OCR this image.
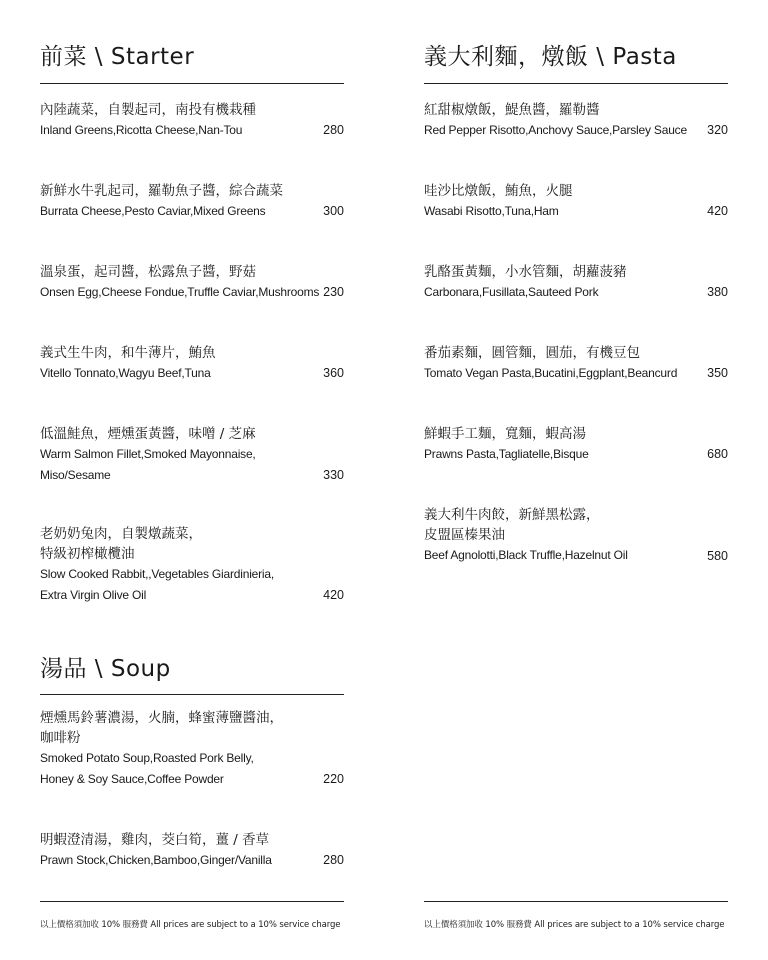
前菜 \ Starter
內陸蔬菜，自製起司，南投有機栽種
Inland Greens,Ricotta Cheese,Nan-Tou	280
新鮮水牛乳起司，羅勒魚子醬，綜合蔬菜
Burrata Cheese,Pesto Caviar,Mixed Greens	300
溫泉蛋，起司醬，松露魚子醬，野菇
Onsen Egg,Cheese Fondue,Truffle Caviar,Mushrooms 230
義式生牛肉，和牛薄片，鮪魚
Vitello Tonnato,Wagyu Beef,Tuna	360
低溫鮭魚，煙燻蛋黃醬，味噌 / 芝麻
Warm Salmon Fillet,Smoked Mayonnaise,
Miso/Sesame	330
老奶奶兔肉，自製燉蔬菜，
特級初榨橄欖油
Slow Cooked Rabbit,,Vegetables Giardinieria,
Extra Virgin Olive Oil	420
湯品 \ Soup
煙燻馬鈴薯濃湯，火腩，蜂蜜薄鹽醬油，
咖啡粉
Smoked Potato Soup,Roasted Pork Belly,
Honey & Soy Sauce,Coffee Powder	220
明蝦澄清湯，雞肉，茭白筍，薑 / 香草
Prawn Stock,Chicken,Bamboo,Ginger/Vanilla	280
以上價格須加收 10% 服務費 All prices are subject to a 10% service charge
義大利麵，燉飯 \ Pasta
紅甜椒燉飯，鯷魚醬，羅勒醬
Red Pepper Risotto,Anchovy Sauce,Parsley Sauce	320
哇沙比燉飯，鮪魚，火腿
Wasabi Risotto,Tuna,Ham	420
乳酪蛋黃麵，小水管麵，胡蘿菠豬
Carbonara,Fusillata,Sauteed Pork	380
番茄素麵，圓管麵，圓茄，有機豆包
Tomato Vegan Pasta,Bucatini,Eggplant,Beancurd	350
鮮蝦手工麵，寬麵，蝦高湯
Prawns Pasta,Tagliatelle,Bisque	680
義大利牛肉餃，新鮮黑松露，
皮盟區榛果油
Beef Agnolotti,Black Truffle,Hazelnut Oil	580
以上價格須加收 10% 服務費 All prices are subject to a 10% service charge
